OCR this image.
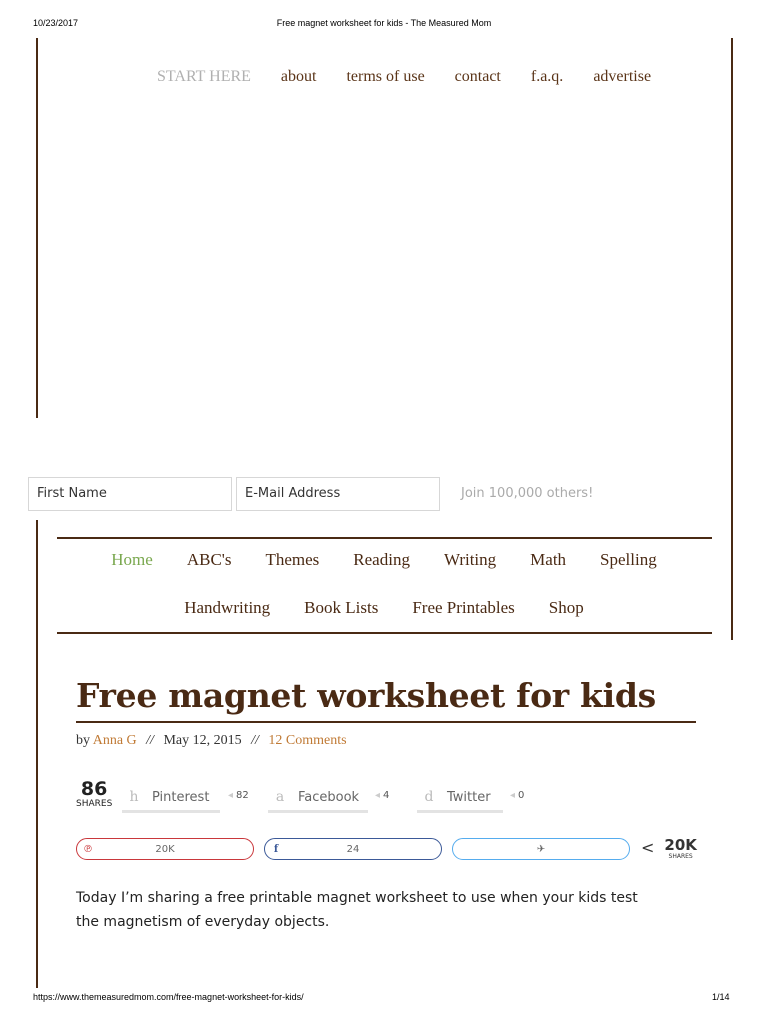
10/23/2017	Free magnet worksheet for kids - The Measured Mom
START HERE about terms of use contact f.a.q. advertise
First Name	E-Mail Address	Join 100,000 others!
Home ABC's Themes Reading Writing Math Spelling
Handwriting Book Lists Free Printables Shop
Free magnet worksheet for kids
by Anna G // May 12, 2015 // 12 Comments
86
SHARES	h	Pinterest	◂ 82	a	Facebook	◂ 4	d	Twitter	◂ 0
℗	20K	f	24	✈	< 20K
SHARES

Today I’m sharing a free printable magnet worksheet to use when your kids test the magnetism of everyday objects.

https://www.themeasuredmom.com/free-magnet-worksheet-for-kids/	1/14
